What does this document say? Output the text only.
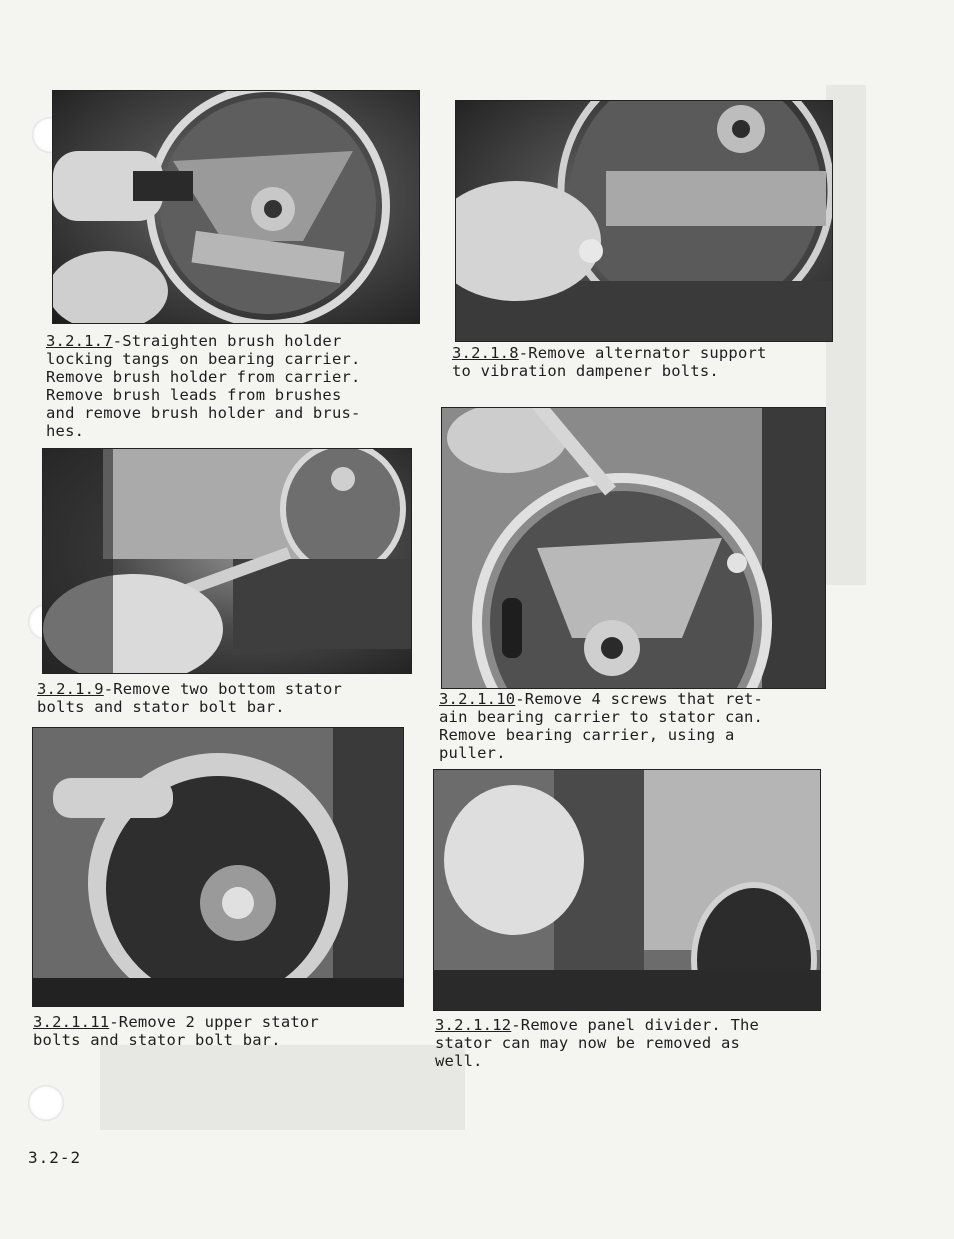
3.2.1.7-Straighten brush holder
locking tangs on bearing carrier.
Remove brush holder from carrier.
Remove brush leads from brushes
and remove brush holder and brus-
hes.
3.2.1.8-Remove alternator support
to vibration dampener bolts.
3.2.1.9-Remove two bottom stator
bolts and stator bolt bar.	3.2.1.10-Remove 4 screws that ret-
ain bearing carrier to stator can.
Remove bearing carrier, using a
puller.
3.2.1.11-Remove 2 upper stator
bolts and stator bolt bar.
3.2.1.12-Remove panel divider. The
stator can may now be removed as
well.
3.2-2
